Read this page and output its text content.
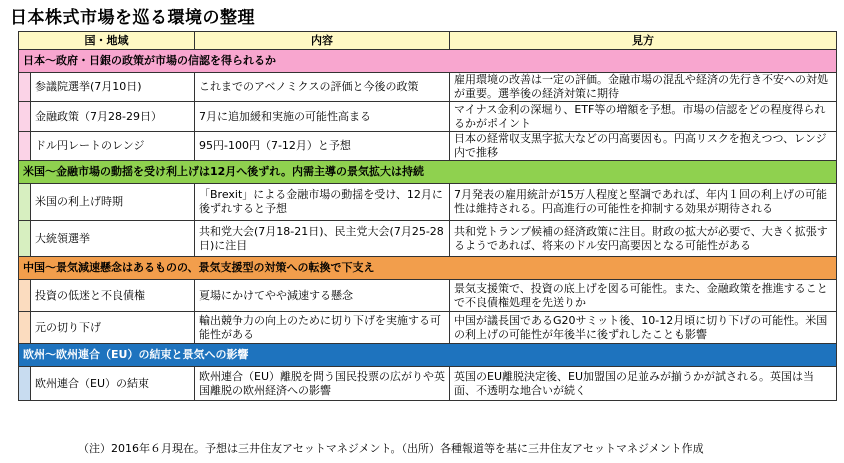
日本株式市場を巡る環境の整理
国・地域		内容	見方
日本～政府・日銀の政策が市場の信認を得られるか			
	参議院選挙(7月10日)	これまでのアベノミクスの評価と今後の政策	雇用環境の改善は一定の評価。金融市場の混乱や経済の先行き不安への対処が重要。選挙後の経済対策に期待
	金融政策（7月28-29日）	7月に追加緩和実施の可能性高まる	マイナス金利の深堀り、ETF等の増額を予想。市場の信認をどの程度得られるかがポイント
	ドル円レートのレンジ	95円-100円（7-12月）と予想	日本の経常収支黒字拡大などの円高要因も。円高リスクを抱えつつ、レンジ内で推移
米国～金融市場の動揺を受け利上げは12月へ後ずれ。内需主導の景気拡大は持続			
	米国の利上げ時期	「Brexit」による金融市場の動揺を受け、12月に後ずれすると予想	7月発表の雇用統計が15万人程度と堅調であれば、年内１回の利上げの可能性は維持される。円高進行の可能性を抑制する効果が期待される
	大統領選挙	共和党大会(7月18-21日)、民主党大会(7月25-28日)に注目	共和党トランプ候補の経済政策に注目。財政の拡大が必要で、大きく拡張するようであれば、将来のドル安円高要因となる可能性がある
中国～景気減速懸念はあるものの、景気支援型の対策への転換で下支え			
	投資の低迷と不良債権	夏場にかけてやや減速する懸念	景気支援策で、投資の底上げを図る可能性。また、金融政策を推進することで不良債権処理を先送りか
	元の切り下げ	輸出競争力の向上のために切り下げを実施する可能性がある	中国が議長国であるG20サミット後、10-12月頃に切り下げの可能性。米国の利上げの可能性が年後半に後ずれしたことも影響
欧州～欧州連合（EU）の結束と景気への影響			
	欧州連合（EU）の結束	欧州連合（EU）離脱を問う国民投票の広がりや英国離脱の欧州経済への影響	英国のEU離脱決定後、EU加盟国の足並みが揃うかが試される。英国は当面、不透明な地合いが続く
（注）2016年６月現在。予想は三井住友アセットマネジメント。（出所）各種報道等を基に三井住友アセットマネジメント作成
